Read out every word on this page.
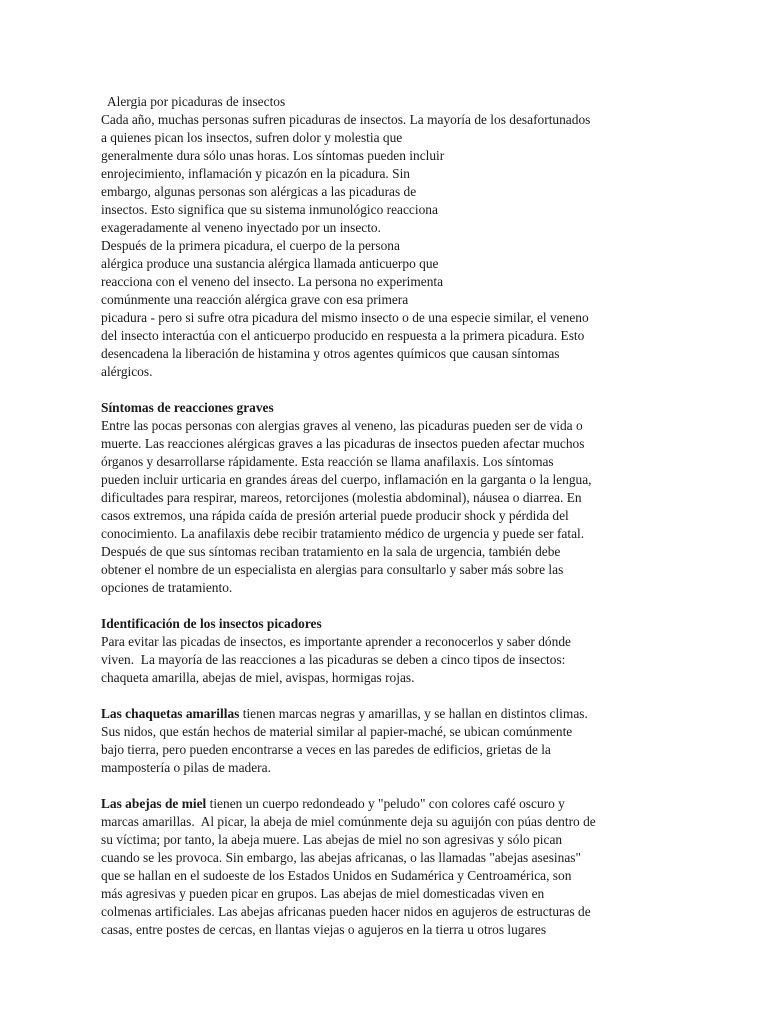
Alergia por picaduras de insectos
Cada año, muchas personas sufren picaduras de insectos. La mayoría de los desafortunados
a quienes pican los insectos, sufren dolor y molestia que
generalmente dura sólo unas horas. Los síntomas pueden incluir
enrojecimiento, inflamación y picazón en la picadura. Sin
embargo, algunas personas son alérgicas a las picaduras de
insectos. Esto significa que su sistema inmunológico reacciona
exageradamente al veneno inyectado por un insecto.
Después de la primera picadura, el cuerpo de la persona
alérgica produce una sustancia alérgica llamada anticuerpo que
reacciona con el veneno del insecto. La persona no experimenta
comúnmente una reacción alérgica grave con esa primera
picadura - pero si sufre otra picadura del mismo insecto o de una especie similar, el veneno
del insecto interactúa con el anticuerpo producido en respuesta a la primera picadura. Esto
desencadena la liberación de histamina y otros agentes químicos que causan síntomas
alérgicos.
Síntomas de reacciones graves
Entre las pocas personas con alergias graves al veneno, las picaduras pueden ser de vida o
muerte. Las reacciones alérgicas graves a las picaduras de insectos pueden afectar muchos
órganos y desarrollarse rápidamente. Esta reacción se llama anafilaxis. Los síntomas
pueden incluir urticaria en grandes áreas del cuerpo, inflamación en la garganta o la lengua,
dificultades para respirar, mareos, retorcijones (molestia abdominal), náusea o diarrea. En
casos extremos, una rápida caída de presión arterial puede producir shock y pérdida del
conocimiento. La anafilaxis debe recibir tratamiento médico de urgencia y puede ser fatal.
Después de que sus síntomas reciban tratamiento en la sala de urgencia, también debe
obtener el nombre de un especialista en alergias para consultarlo y saber más sobre las
opciones de tratamiento.
Identificación de los insectos picadores
Para evitar las picadas de insectos, es importante aprender a reconocerlos y saber dónde
viven.  La mayoría de las reacciones a las picaduras se deben a cinco tipos de insectos:
chaqueta amarilla, abejas de miel, avispas, hormigas rojas.
Las chaquetas amarillas tienen marcas negras y amarillas, y se hallan en distintos climas.
Sus nidos, que están hechos de material similar al papier-maché, se ubican comúnmente
bajo tierra, pero pueden encontrarse a veces en las paredes de edificios, grietas de la
mampostería o pilas de madera.
Las abejas de miel tienen un cuerpo redondeado y "peludo" con colores café oscuro y
marcas amarillas.  Al picar, la abeja de miel comúnmente deja su aguijón con púas dentro de
su víctima; por tanto, la abeja muere. Las abejas de miel no son agresivas y sólo pican
cuando se les provoca. Sin embargo, las abejas africanas, o las llamadas "abejas asesinas"
que se hallan en el sudoeste de los Estados Unidos en Sudamérica y Centroamérica, son
más agresivas y pueden picar en grupos. Las abejas de miel domesticadas viven en
colmenas artificiales. Las abejas africanas pueden hacer nidos en agujeros de estructuras de
casas, entre postes de cercas, en llantas viejas o agujeros en la tierra u otros lugares
